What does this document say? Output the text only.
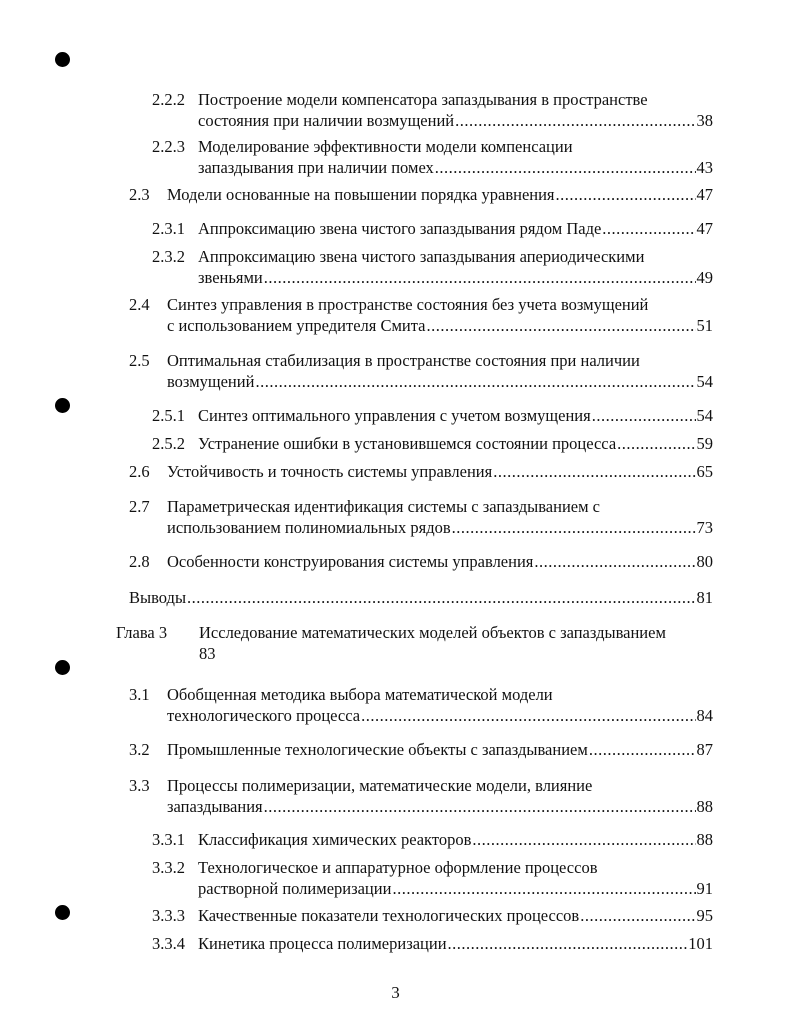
2.2.2 Построение модели компенсатора запаздывания в пространстве
состояния при наличии возмущений .....	38
2.2.3 Моделирование эффективности модели компенсации
запаздывания при наличии помех .....	43
2.3 Модели основанные на повышении порядка уравнения .....	47
2.3.1 Аппроксимацию звена чистого запаздывания рядом Паде .....	47
2.3.2 Аппроксимацию звена чистого запаздывания апериодическими
звеньями .....	49
2.4 Синтез управления в пространстве состояния без учета возмущений
с использованием упредителя Смита .....	51
2.5 Оптимальная стабилизация в пространстве состояния при наличии
возмущений .....	54
2.5.1 Синтез оптимального управления с учетом возмущения .....	54
2.5.2 Устранение ошибки в установившемся состоянии процесса .....	59
2.6 Устойчивость и точность системы управления .....	65
2.7 Параметрическая идентификация системы с запаздыванием с
использованием полиномиальных рядов .....	73
2.8 Особенности конструирования системы управления .....	80
Выводы .....	81
Глава 3 Исследование математических моделей объектов с запаздыванием
83
3.1 Обобщенная методика выбора математической модели
технологического процесса .....	84
3.2 Промышленные технологические объекты с запаздыванием .....	87
3.3 Процессы полимеризации, математические модели, влияние
запаздывания .....	88
3.3.1 Классификация химических реакторов .....	88
3.3.2 Технологическое и аппаратурное оформление процессов
растворной полимеризации .....	91
3.3.3 Качественные показатели технологических процессов .....	95
3.3.4 Кинетика процесса полимеризации .....	101
3
